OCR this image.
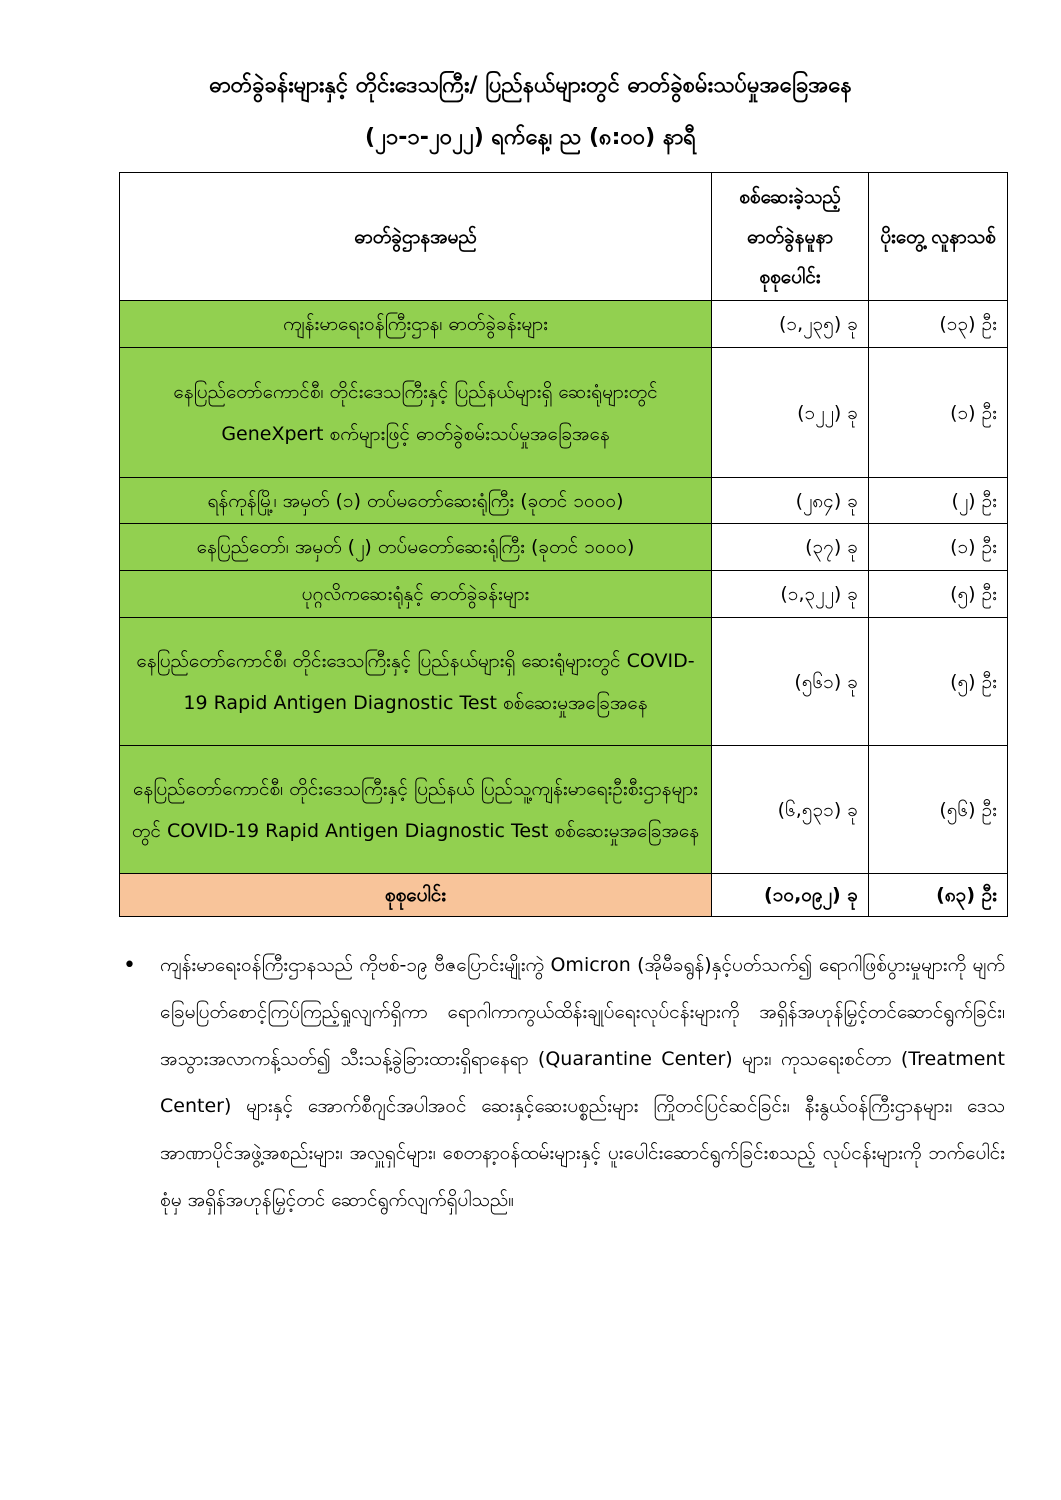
ဓာတ်ခွဲခန်းများနှင့် တိုင်းဒေသကြီး/ ပြည်နယ်များတွင် ဓာတ်ခွဲစမ်းသပ်မှုအခြေအနေ
(၂၁-၁-၂၀၂၂) ရက်နေ့၊ ည (၈:၀၀) နာရီ
ဓာတ်ခွဲဌာနအမည်	စစ်ဆေးခဲ့သည့် ဓာတ်ခွဲနမူနာ စုစုပေါင်း	ပိုးတွေ့ လူနာသစ်
ကျန်းမာရေးဝန်ကြီးဌာန၊ ဓာတ်ခွဲခန်းများ	(၁,၂၃၅) ခု	(၁၃) ဦး
နေပြည်တော်ကောင်စီ၊ တိုင်းဒေသကြီးနှင့် ပြည်နယ်များရှိ ဆေးရုံများတွင် GeneXpert စက်များဖြင့် ဓာတ်ခွဲစမ်းသပ်မှုအခြေအနေ	(၁၂၂) ခု	(၁) ဦး
ရန်ကုန်မြို့၊ အမှတ် (၁) တပ်မတော်ဆေးရုံကြီး (ခုတင် ၁၀၀၀)	(၂၈၄) ခု	(၂) ဦး
နေပြည်တော်၊ အမှတ် (၂) တပ်မတော်ဆေးရုံကြီး (ခုတင် ၁၀၀၀)	(၃၇) ခု	(၁) ဦး
ပုဂ္ဂလိကဆေးရုံနှင့် ဓာတ်ခွဲခန်းများ	(၁,၃၂၂) ခု	(၅) ဦး
နေပြည်တော်ကောင်စီ၊ တိုင်းဒေသကြီးနှင့် ပြည်နယ်များရှိ ဆေးရုံများတွင် COVID-19 Rapid Antigen Diagnostic Test စစ်ဆေးမှုအခြေအနေ	(၅၆၁) ခု	(၅) ဦး
နေပြည်တော်ကောင်စီ၊ တိုင်းဒေသကြီးနှင့် ပြည်နယ် ပြည်သူ့ကျန်းမာရေးဦးစီးဌာနများတွင် COVID-19 Rapid Antigen Diagnostic Test စစ်ဆေးမှုအခြေအနေ	(၆,၅၃၁) ခု	(၅၆) ဦး
စုစုပေါင်း	(၁၀,၀၉၂) ခု	(၈၃) ဦး
• ကျန်းမာရေးဝန်ကြီးဌာနသည် ကိုဗစ်-၁၉ ဗီဇပြောင်းမျိုးကွဲ Omicron (အိုမီခရွန်)နှင့်ပတ်သက်၍ ရောဂါဖြစ်ပွားမှုများကို မျက်ခြေမပြတ်စောင့်ကြပ်ကြည့်ရှုလျက်ရှိကာ ရောဂါကာကွယ်ထိန်းချုပ်ရေးလုပ်ငန်းများကို အရှိန်အဟုန်မြှင့်တင်ဆောင်ရွက်ခြင်း၊ အသွားအလာကန့်သတ်၍ သီးသန့်ခွဲခြားထားရှိရာနေရာ (Quarantine Center) များ၊ ကုသရေးစင်တာ (Treatment Center) များနှင့် အောက်စီဂျင်အပါအဝင် ဆေးနှင့်ဆေးပစ္စည်းများ ကြိုတင်ပြင်ဆင်ခြင်း၊ နီးနွယ်ဝန်ကြီးဌာနများ၊ ဒေသအာဏာပိုင်အဖွဲ့အစည်းများ၊ အလှူရှင်များ၊ စေတနာ့ဝန်ထမ်းများနှင့် ပူးပေါင်းဆောင်ရွက်ခြင်းစသည့် လုပ်ငန်းများကို ဘက်ပေါင်းစုံမှ အရှိန်အဟုန်မြှင့်တင် ဆောင်ရွက်လျက်ရှိပါသည်။
